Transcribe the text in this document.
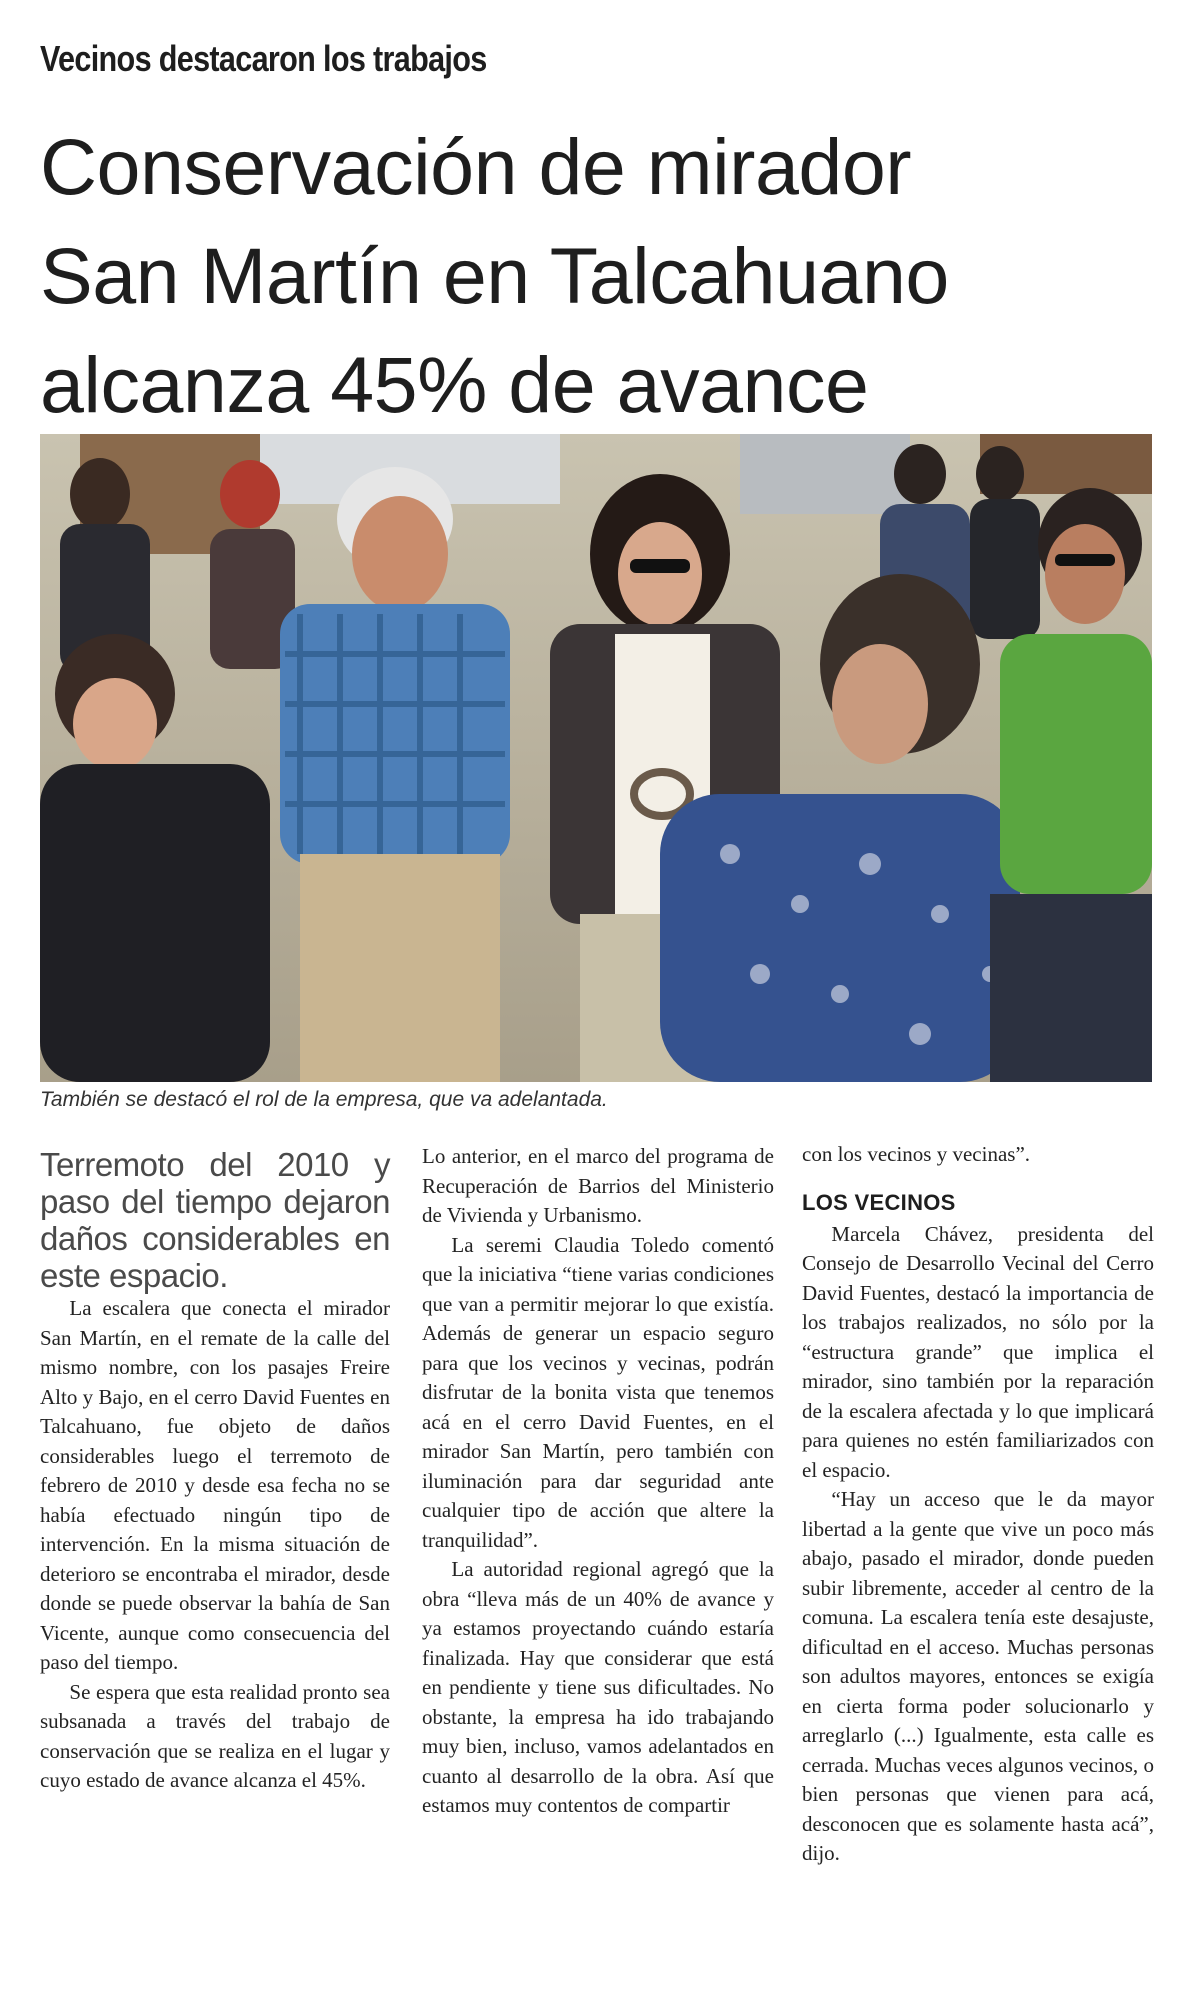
Vecinos destacaron los trabajos
Conservación de mirador
San Martín en Talcahuano
alcanza 45% de avance
También se destacó el rol de la empresa, que va adelantada.

Terremoto del 2010 y paso del tiempo dejaron daños considerables en este espacio.

La escalera que conecta el mirador San Martín, en el remate de la calle del mismo nombre, con los pasajes Freire Alto y Bajo, en el cerro David Fuentes en Talcahuano, fue objeto de daños considerables luego el terremoto de febrero de 2010 y desde esa fecha no se había efectuado ningún tipo de intervención. En la misma situación de deterioro se encontraba el mirador, desde donde se puede observar la bahía de San Vicente, aunque como consecuencia del paso del tiempo.

Se espera que esta realidad pronto sea subsanada a través del trabajo de conservación que se realiza en el lugar y cuyo estado de avance alcanza el 45%.

Lo anterior, en el marco del programa de Recuperación de Barrios del Ministerio de Vivienda y Urbanismo.

La seremi Claudia Toledo comentó que la iniciativa “tiene varias condiciones que van a permitir mejorar lo que existía. Además de generar un espacio seguro para que los vecinos y vecinas, podrán disfrutar de la bonita vista que tenemos acá en el cerro David Fuentes, en el mirador San Martín, pero también con iluminación para dar seguridad ante cualquier tipo de acción que altere la tranquilidad”.

La autoridad regional agregó que la obra “lleva más de un 40% de avance y ya estamos proyectando cuándo estaría finalizada. Hay que considerar que está en pendiente y tiene sus dificultades. No obstante, la empresa ha ido trabajando muy bien, incluso, vamos adelantados en cuanto al desarrollo de la obra. Así que estamos muy contentos de compartir

con los vecinos y vecinas”.

LOS VECINOS

Marcela Chávez, presidenta del Consejo de Desarrollo Vecinal del Cerro David Fuentes, destacó la importancia de los trabajos realizados, no sólo por la “estructura grande” que implica el mirador, sino también por la reparación de la escalera afectada y lo que implicará para quienes no estén familiarizados con el espacio.

“Hay un acceso que le da mayor libertad a la gente que vive un poco más abajo, pasado el mirador, donde pueden subir libremente, acceder al centro de la comuna. La escalera tenía este desajuste, dificultad en el acceso. Muchas personas son adultos mayores, entonces se exigía en cierta forma poder solucionarlo y arreglarlo (...) Igualmente, esta calle es cerrada. Muchas veces algunos vecinos, o bien personas que vienen para acá, desconocen que es solamente hasta acá”, dijo.
